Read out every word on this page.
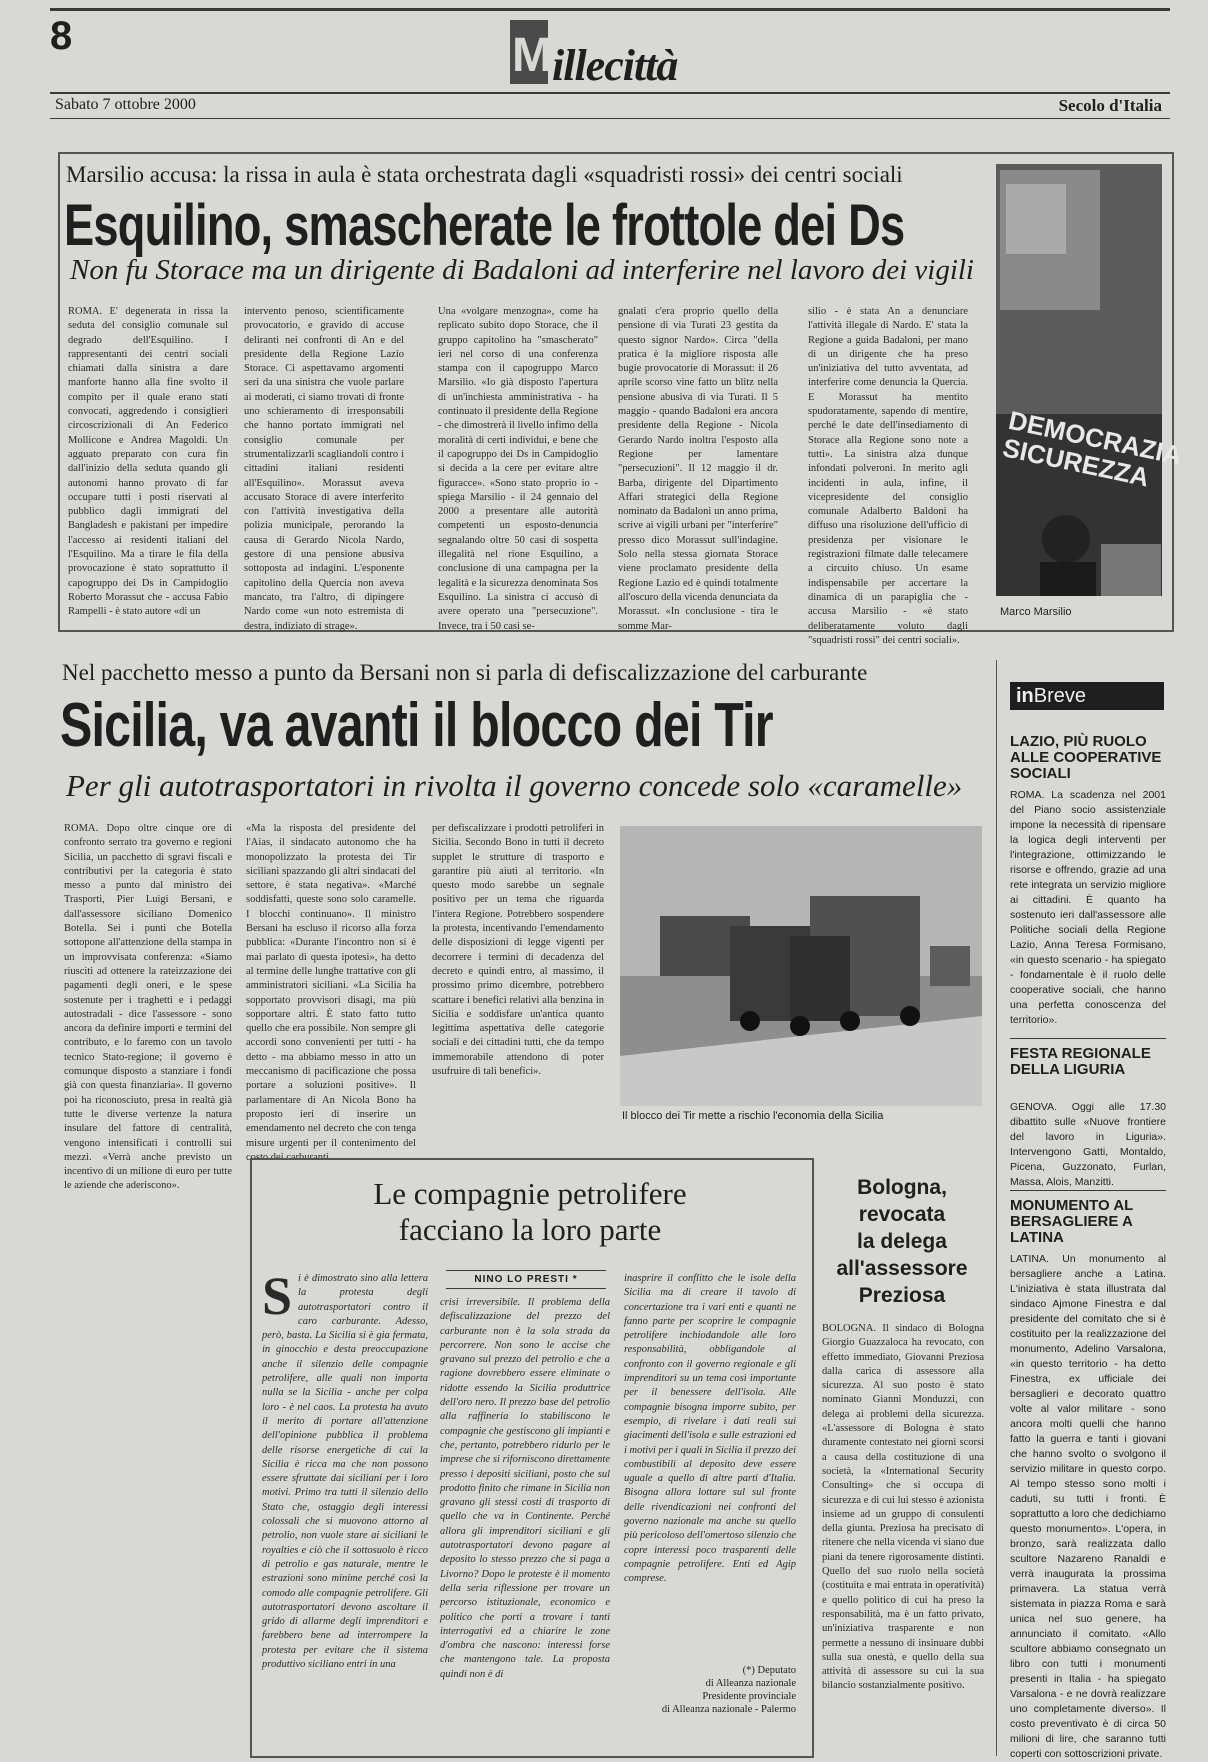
8	M illecittà
Sabato 7 ottobre 2000	Secolo d'Italia
Marsilio accusa: la rissa in aula è stata orchestrata dagli «squadristi rossi» dei centri sociali
Esquilino, smascherate le frottole dei Ds
Non fu Storace ma un dirigente di Badaloni ad interferire nel lavoro dei vigili
ROMA. E' degenerata in rissa la seduta del consiglio comunale sul degrado dell'Esquilino. I rappresentanti dei centri sociali chiamati dalla sinistra a dare manforte hanno alla fine svolto il compito per il quale erano stati convocati, aggredendo i consiglieri circoscrizionali di An Federico Mollicone e Andrea Magoldi. Un agguato preparato con cura fin dall'inizio della seduta quando gli autonomi hanno provato di far occupare tutti i posti riservati al pubblico dagli immigrati del Bangladesh e pakistani per impedire l'accesso ai residenti italiani del l'Esquilino. Ma a tirare le fila della provocazione è stato soprattutto il capogruppo dei Ds in Campidoglio Roberto Morassut che - accusa Fabio Rampelli - è stato autore «di un
intervento penoso, scientificamente provocatorio, e gravido di accuse deliranti nei confronti di An e del presidente della Regione Lazio Storace. Ci aspettavamo argomenti seri da una sinistra che vuole parlare ai moderati, ci siamo trovati di fronte uno schieramento di irresponsabili che hanno portato immigrati nel consiglio comunale per strumentalizzarli scagliandoli contro i cittadini italiani residenti all'Esquilino». Morassut aveva accusato Storace di avere interferito con l'attività investigativa della polizia municipale, perorando la causa di Gerardo Nicola Nardo, gestore di una pensione abusiva sottoposta ad indagini. L'esponente capitolino della Quercia non aveva mancato, tra l'altro, di dipingere Nardo come «un noto estremista di destra, indiziato di strage».
Una «volgare menzogna», come ha replicato subito dopo Storace, che il gruppo capitolino ha "smascherato" ieri nel corso di una conferenza stampa con il capogruppo Marco Marsilio. «Io già disposto l'apertura di un'inchiesta amministrativa - ha continuato il presidente della Regione - che dimostrerà il livello infimo della moralità di certi individui, e bene che il capogruppo dei Ds in Campidoglio si decida a la cere per evitare altre figuracce». «Sono stato proprio io - spiega Marsilio - il 24 gennaio del 2000 a presentare alle autorità competenti un esposto-denuncia segnalando oltre 50 casi di sospetta illegalità nel rione Esquilino, a conclusione di una campagna per la legalità e la sicurezza denominata Sos Esquilino. La sinistra ci accusò di avere operato una "persecuzione". Invece, tra i 50 casi se-
gnalati c'era proprio quello della pensione di via Turati 23 gestita da questo signor Nardo». Circa "della pratica è la migliore risposta alle bugie provocatorie di Morassut: il 26 aprile scorso vine fatto un blitz nella pensione abusiva di via Turati. Il 5 maggio - quando Badaloni era ancora presidente della Regione - Nicola Gerardo Nardo inoltra l'esposto alla Regione per lamentare "persecuzioni". Il 12 maggio il dr. Barba, dirigente del Dipartimento Affari strategici della Regione nominato da Badaloni un anno prima, scrive ai vigili urbani per "interferire" presso dico Morassut sull'indagine. Solo nella stessa giornata Storace viene proclamato presidente della Regione Lazio ed è quindi totalmente all'oscuro della vicenda denunciata da Morassut. «In conclusione - tira le somme Mar-
silio - è stata An a denunciare l'attività illegale di Nardo. E' stata la Regione a guida Badaloni, per mano di un dirigente che ha preso un'iniziativa del tutto avventata, ad interferire come denuncia la Quercia. E Morassut ha mentito spudoratamente, sapendo di mentire, perché le date dell'insediamento di Storace alla Regione sono note a tutti». La sinistra alza dunque infondati polveroni. In merito agli incidenti in aula, infine, il vicepresidente del consiglio comunale Adalberto Baldoni ha diffuso una risoluzione dell'ufficio di presidenza per visionare le registrazioni filmate dalle telecamere a circuito chiuso. Un esame indispensabile per accertare la dinamica di un parapiglia che - accusa Marsilio - «è stato deliberatamente voluto dagli "squadristi rossi" dei centri sociali».
DEMOCRAZIA SICUREZZA
Marco Marsilio
Nel pacchetto messo a punto da Bersani non si parla di defiscalizzazione del carburante
Sicilia, va avanti il blocco dei Tir
Per gli autotrasportatori in rivolta il governo concede solo «caramelle»
ROMA. Dopo oltre cinque ore di confronto serrato tra governo e regioni Sicilia, un pacchetto di sgravi fiscali e contributivi per la categoria è stato messo a punto dal ministro dei Trasporti, Pier Luigi Bersani, e dall'assessore siciliano Domenico Botella. Sei i punti che Botella sottopone all'attenzione della stampa in un improvvisata conferenza: «Siamo riusciti ad ottenere la rateizzazione dei pagamenti degli oneri, e le spese sostenute per i traghetti e i pedaggi autostradali - dice l'assessore - sono ancora da definire importi e termini del contributo, e lo faremo con un tavolo tecnico Stato-regione; il governo è comunque disposto a stanziare i fondi già con questa finanziaria». Il governo poi ha riconosciuto, presa in realtà già tutte le diverse vertenze la natura insulare del fattore di centralità, vengono intensificati i controlli sui mezzi. «Verrà anche previsto un incentivo di un milione di euro per tutte le aziende che aderiscono».
«Ma la risposta del presidente del l'Aias, il sindacato autonomo che ha monopolizzato la protesta dei Tir siciliani spazzando gli altri sindacati del settore, è stata negativa». «Marché soddisfatti, queste sono solo caramelle. I blocchi continuano». Il ministro Bersani ha escluso il ricorso alla forza pubblica: «Durante l'incontro non si è mai parlato di questa ipotesi», ha detto al termine delle lunghe trattative con gli amministratori siciliani. «La Sicilia ha sopportato provvisori disagi, ma più sopportare altri. È stato fatto tutto quello che era possibile. Non sempre gli accordi sono convenienti per tutti - ha detto - ma abbiamo messo in atto un meccanismo di pacificazione che possa portare a soluzioni positive». Il parlamentare di An Nicola Bono ha proposto ieri di inserire un emendamento nel decreto che con tenga misure urgenti per il contenimento del costo dei carburanti
per defiscalizzare i prodotti petroliferi in Sicilia. Secondo Bono in tutti il decreto supplet le strutture di trasporto e garantire più aiuti al territorio. «In questo modo sarebbe un segnale positivo per un tema che riguarda l'intera Regione. Potrebbero sospendere la protesta, incentivando l'emendamento delle disposizioni di legge vigenti per decorrere i termini di decadenza del decreto e quindi entro, al massimo, il prossimo primo dicembre, potrebbero scattare i benefici relativi alla benzina in Sicilia e soddisfare un'antica quanto legittima aspettativa delle categorie sociali e dei cittadini tutti, che da tempo immemorabile attendono di poter usufruire di tali benefici».
Il blocco dei Tir mette a rischio l'economia della Sicilia
Le compagnie petrolifere
facciano la loro parte
NINO LO PRESTI *
Si è dimostrato sino alla lettera la protesta degli autotrasportatori contro il caro carburante. Adesso, però, basta. La Sicilia si è gia fermata, in ginocchio e desta preoccupazione anche il silenzio delle compagnie petrolifere, alle quali non importa nulla se la Sicilia - anche per colpa loro - è nel caos. La protesta ha avuto il merito di portare all'attenzione dell'opinione pubblica il problema delle risorse energetiche di cui la Sicilia è ricca ma che non possono essere sfruttate dai siciliani per i loro motivi. Primo tra tutti il silenzio dello Stato che, ostaggio degli interessi colossali che si muovono attorno al petrolio, non vuole stare ai siciliani le royalties e ciò che il sottosuolo è ricco di petrolio e gas naturale, mentre le estrazioni sono minime perché così la comodo alle compagnie petrolifere. Gli autotrasportatori devono ascoltare il grido di allarme degli imprenditori e farebbero bene ad interrompere la protesta per evitare che il sistema produttivo siciliano entri in una
crisi irreversibile. Il problema della defiscalizzazione del prezzo del carburante non è la sola strada da percorrere. Non sono le accise che gravano sul prezzo del petrolio e che a ragione dovrebbero essere eliminate o ridotte essendo la Sicilia produttrice dell'oro nero. Il prezzo base del petrolio alla raffineria lo stabiliscono le compagnie che gestiscono gli impianti e che, pertanto, potrebbero ridurlo per le imprese che si riforniscono direttamente presso i depositi siciliani, posto che sul prodotto finito che rimane in Sicilia non gravano gli stessi costi di trasporto di quello che va in Continente. Perché allora gli imprenditori siciliani e gli autotrasportatori devono pagare al deposito lo stesso prezzo che si paga a Livorno? Dopo le proteste è il momento della seria riflessione per trovare un percorso istituzionale, economico e politico che porti a trovare i tanti interrogativi ed a chiarire le zone d'ombra che nascono: interessi forse che mantengono tale. La proposta quindi non è di
inasprire il conflitto che le isole della Sicilia ma di creare il tavolo di concertazione tra i vari enti e quanti ne fanno parte per scoprire le compagnie petrolifere inchiodandole alle loro responsabilità, obbligandole al confronto con il governo regionale e gli imprenditori su un tema così importante per il benessere dell'isola. Alle compagnie bisogna imporre subito, per esempio, di rivelare i dati reali sui giacimenti dell'isola e sulle estrazioni ed i motivi per i quali in Sicilia il prezzo dei combustibili al deposito deve essere uguale a quello di altre parti d'Italia. Bisogna allora lottare sul sul fronte delle rivendicazioni nei confronti del governo nazionale ma anche su quello più pericoloso dell'omertoso silenzio che copre interessi poco trasparenti delle compagnie petrolifere. Enti ed Agip comprese.
(*) Deputato
di Alleanza nazionale
Presidente provinciale
di Alleanza nazionale - Palermo
Bologna,
revocata
la delega
all'assessore
Preziosa
BOLOGNA. Il sindaco di Bologna Giorgio Guazzaloca ha revocato, con effetto immediato, Giovanni Preziosa dalla carica di assessore alla sicurezza. Al suo posto è stato nominato Gianni Monduzzi, con delega ai problemi della sicurezza. «L'assessore di Bologna è stato duramente contestato nei giorni scorsi a causa della costituzione di una società, la «International Security Consulting» che si occupa di sicurezza e di cui lui stesso è azionista insieme ad un gruppo di consulenti della giunta. Preziosa ha precisato di ritenere che nella vicenda vi siano due piani da tenere rigorosamente distinti. Quello del suo ruolo nella società (costituita e mai entrata in operatività) e quello politico di cui ha preso la responsabilità, ma è un fatto privato, un'iniziativa trasparente e non permette a nessuno di insinuare dubbi sulla sua onestà, e quello della sua attività di assessore su cui la sua bilancio sostanzialmente positivo.
inBreve
LAZIO, PIÙ RUOLO ALLE COOPERATIVE SOCIALI
ROMA. La scadenza nel 2001 del Piano socio assistenziale impone la necessità di ripensare la logica degli interventi per l'integrazione, ottimizzando le risorse e offrendo, grazie ad una rete integrata un servizio migliore ai cittadini. È quanto ha sostenuto ieri dall'assessore alle Politiche sociali della Regione Lazio, Anna Teresa Formisano, «in questo scenario - ha spiegato - fondamentale è il ruolo delle cooperative sociali, che hanno una perfetta conoscenza del territorio».
FESTA REGIONALE DELLA LIGURIA
GENOVA. Oggi alle 17.30 dibattito sulle «Nuove frontiere del lavoro in Liguria». Intervengono Gatti, Montaldo, Picena, Guzzonato, Furlan, Massa, Alois, Manzitti.
MONUMENTO AL BERSAGLIERE A LATINA
LATINA. Un monumento al bersagliere anche a Latina. L'iniziativa è stata illustrata dal sindaco Ajmone Finestra e dal presidente del comitato che si è costituito per la realizzazione del monumento, Adelino Varsalona, «in questo territorio - ha detto Finestra, ex ufficiale dei bersaglieri e decorato quattro volte al valor militare - sono ancora molti quelli che hanno fatto la guerra e tanti i giovani che hanno svolto o svolgono il servizio militare in questo corpo. Al tempo stesso sono molti i caduti, su tutti i fronti. È soprattutto a loro che dedichiamo questo monumento». L'opera, in bronzo, sarà realizzata dallo scultore Nazareno Ranaldi e verrà inaugurata la prossima primavera. La statua verrà sistemata in piazza Roma e sarà unica nel suo genere, ha annunciato il comitato. «Allo scultore abbiamo consegnato un libro con tutti i monumenti presenti in Italia - ha spiegato Varsalona - e ne dovrà realizzare uno completamente diverso». Il costo preventivato è di circa 50 milioni di lire, che saranno tutti coperti con sottoscrizioni private.
